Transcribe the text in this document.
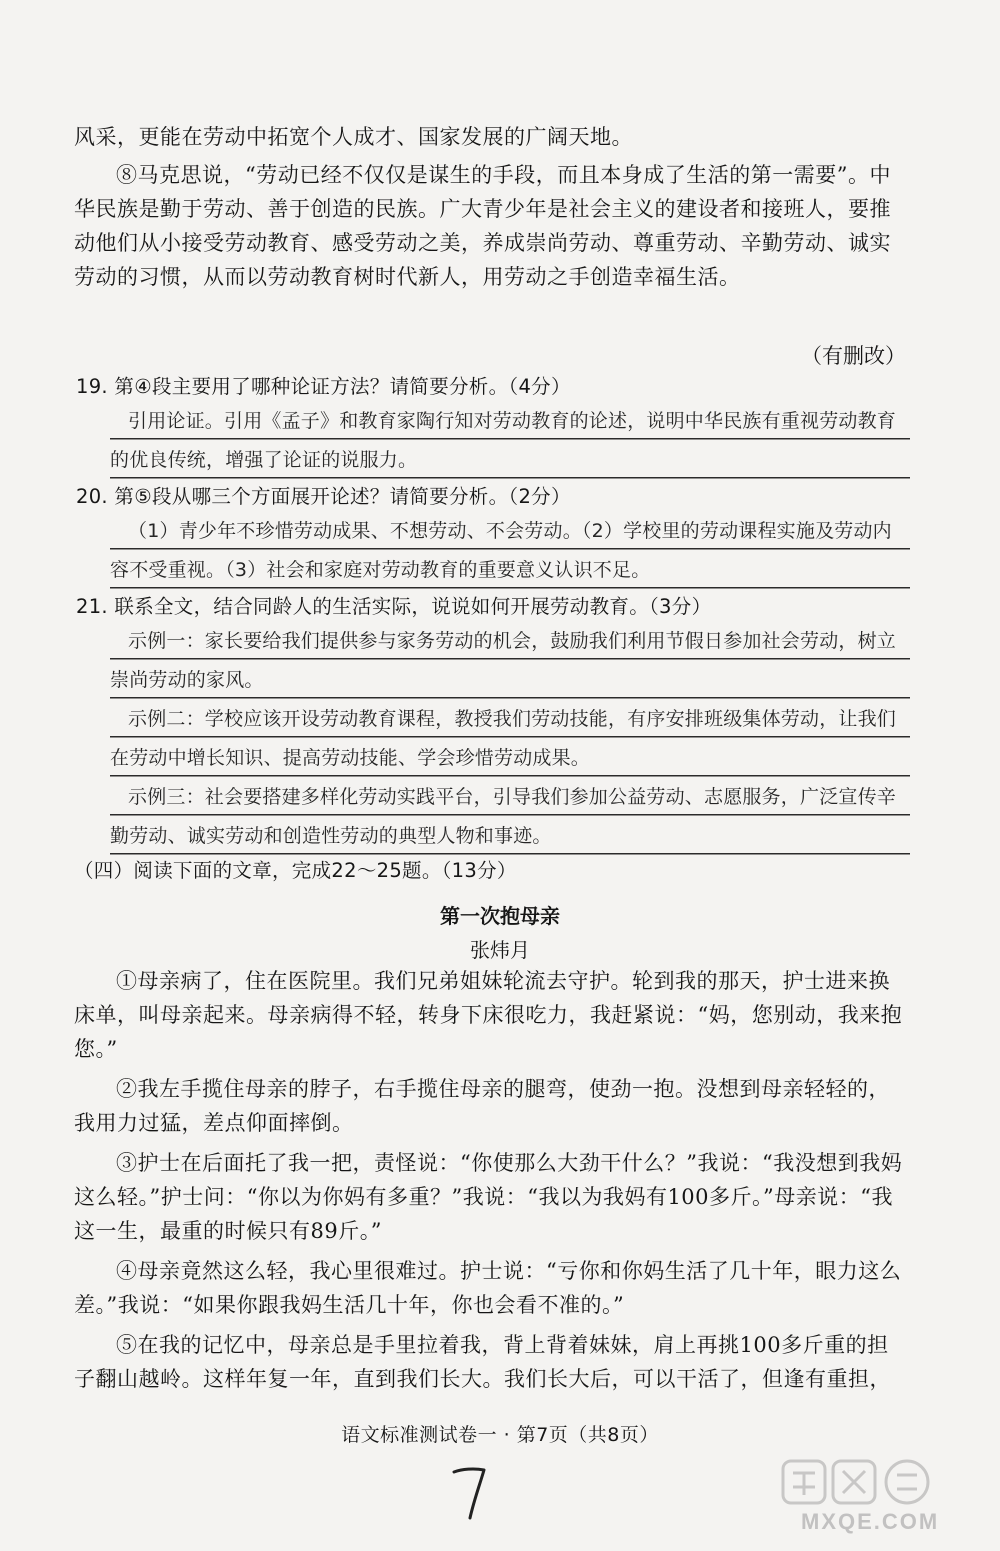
风采，更能在劳动中拓宽个人成才、国家发展的广阔天地。

⑧马克思说，“劳动已经不仅仅是谋生的手段，而且本身成了生活的第一需要”。中华民族是勤于劳动、善于创造的民族。广大青少年是社会主义的建设者和接班人，要推动他们从小接受劳动教育、感受劳动之美，养成崇尚劳动、尊重劳动、辛勤劳动、诚实劳动的习惯，从而以劳动教育树时代新人，用劳动之手创造幸福生活。

（有删改）
19. 第④段主要用了哪种论证方法？请简要分析。（4分）
引用论证。引用《孟子》和教育家陶行知对劳动教育的论述，说明中华民族有重视劳动教育的优良传统，增强了论证的说服力。
20. 第⑤段从哪三个方面展开论述？请简要分析。（2分）
（1）青少年不珍惜劳动成果、不想劳动、不会劳动。（2）学校里的劳动课程实施及劳动内容不受重视。（3）社会和家庭对劳动教育的重要意义认识不足。
21. 联系全文，结合同龄人的生活实际，说说如何开展劳动教育。（3分）
示例一：家长要给我们提供参与家务劳动的机会，鼓励我们利用节假日参加社会劳动，树立崇尚劳动的家风。
示例二：学校应该开设劳动教育课程，教授我们劳动技能，有序安排班级集体劳动，让我们在劳动中增长知识、提高劳动技能、学会珍惜劳动成果。
示例三：社会要搭建多样化劳动实践平台，引导我们参加公益劳动、志愿服务，广泛宣传辛勤劳动、诚实劳动和创造性劳动的典型人物和事迹。
（四）阅读下面的文章，完成22～25题。（13分）
第一次抱母亲
张炜月

①母亲病了，住在医院里。我们兄弟姐妹轮流去守护。轮到我的那天，护士进来换床单，叫母亲起来。母亲病得不轻，转身下床很吃力，我赶紧说：“妈，您别动，我来抱您。”

②我左手揽住母亲的脖子，右手揽住母亲的腿弯，使劲一抱。没想到母亲轻轻的，我用力过猛，差点仰面摔倒。

③护士在后面托了我一把，责怪说：“你使那么大劲干什么？”我说：“我没想到我妈这么轻。”护士问：“你以为你妈有多重？”我说：“我以为我妈有100多斤。”母亲说：“我这一生，最重的时候只有89斤。”

④母亲竟然这么轻，我心里很难过。护士说：“亏你和你妈生活了几十年，眼力这么差。”我说：“如果你跟我妈生活几十年，你也会看不准的。”

⑤在我的记忆中，母亲总是手里拉着我，背上背着妹妹，肩上再挑100多斤重的担子翻山越岭。这样年复一年，直到我们长大。我们长大后，可以干活了，但逢有重担，

语文标准测试卷一 · 第7页（共8页）
MXQE.COM
